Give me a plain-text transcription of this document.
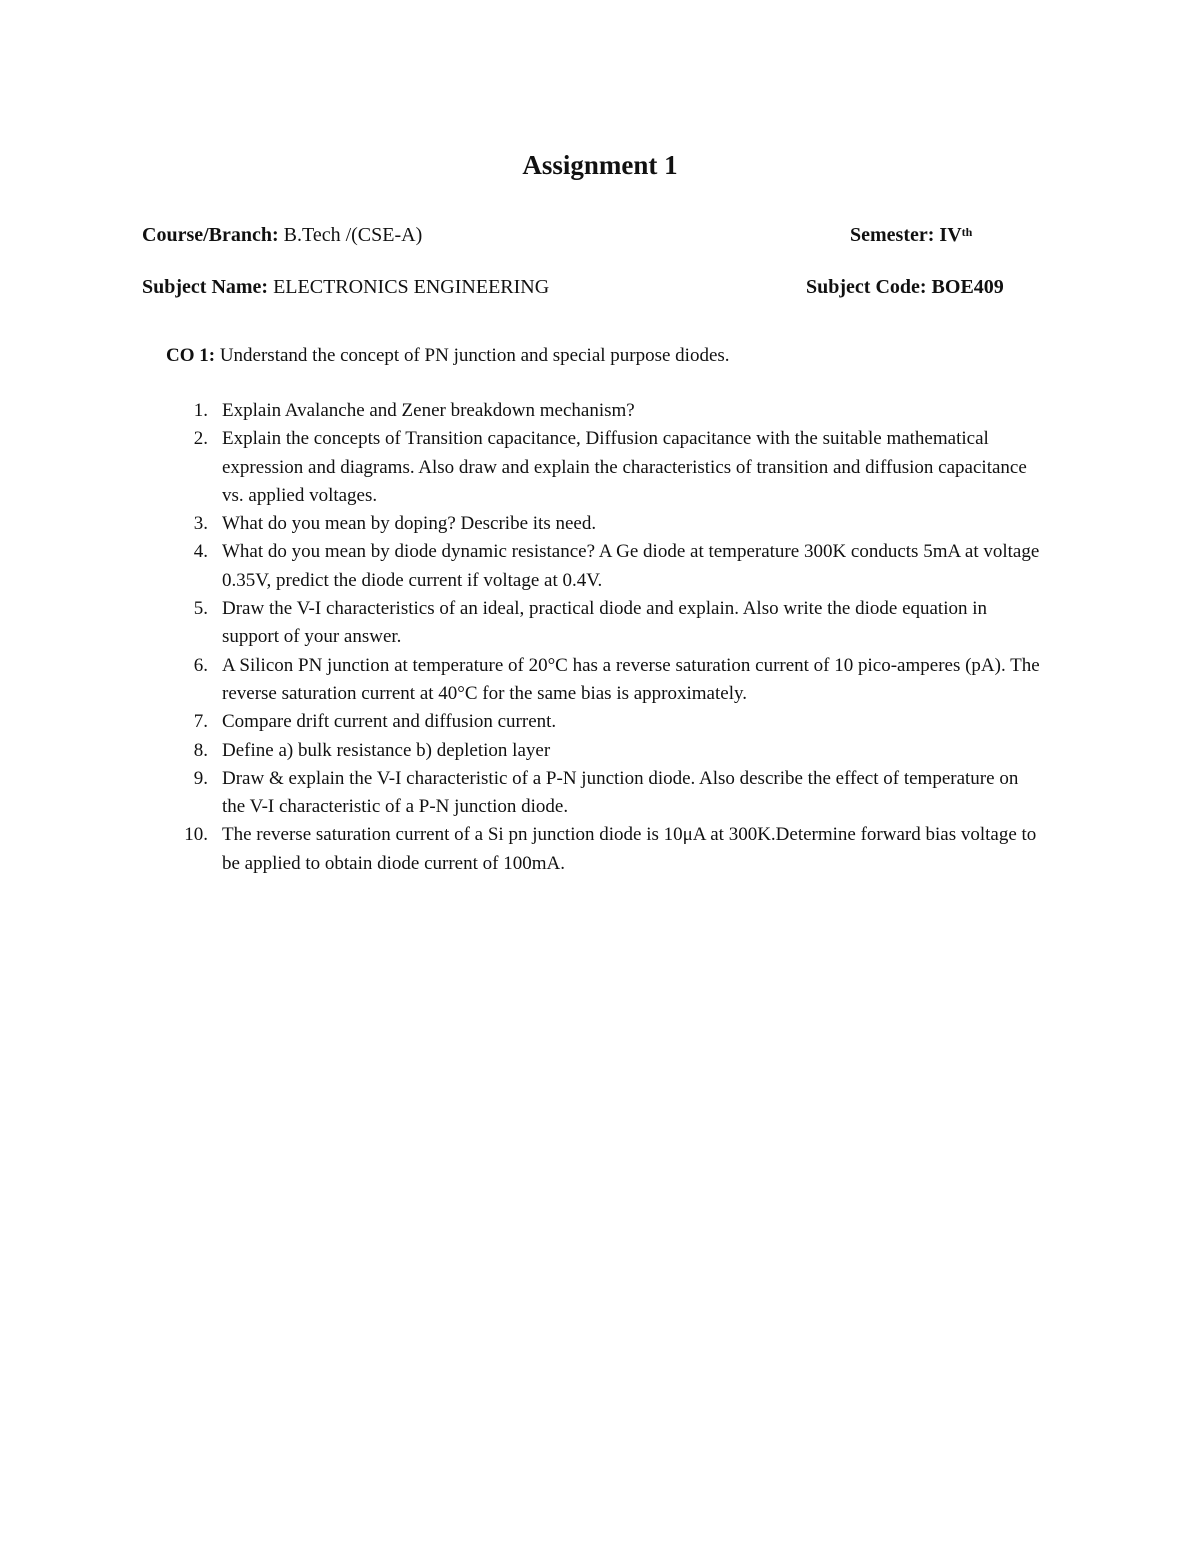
Assignment 1
Course/Branch: B.Tech /(CSE-A)	Semester: IVth
Subject Name: ELECTRONICS ENGINEERING	Subject Code: BOE409
CO 1: Understand the concept of PN junction and special purpose diodes.
1. Explain Avalanche and Zener breakdown mechanism?
2. Explain the concepts of Transition capacitance, Diffusion capacitance with the suitable mathematical expression and diagrams. Also draw and explain the characteristics of transition and diffusion capacitance vs. applied voltages.
3. What do you mean by doping? Describe its need.
4. What do you mean by diode dynamic resistance? A Ge diode at temperature 300K conducts 5mA at voltage 0.35V, predict the diode current if voltage at 0.4V.
5. Draw the V-I characteristics of an ideal, practical diode and explain. Also write the diode equation in support of your answer.
6. A Silicon PN junction at temperature of 20°C has a reverse saturation current of 10 pico-amperes (pA). The reverse saturation current at 40°C for the same bias is approximately.
7. Compare drift current and diffusion current.
8. Define a) bulk resistance b) depletion layer
9. Draw & explain the V-I characteristic of a P-N junction diode. Also describe the effect of temperature on the V-I characteristic of a P-N junction diode.
10. The reverse saturation current of a Si pn junction diode is 10μA at 300K.Determine forward bias voltage to be applied to obtain diode current of 100mA.
